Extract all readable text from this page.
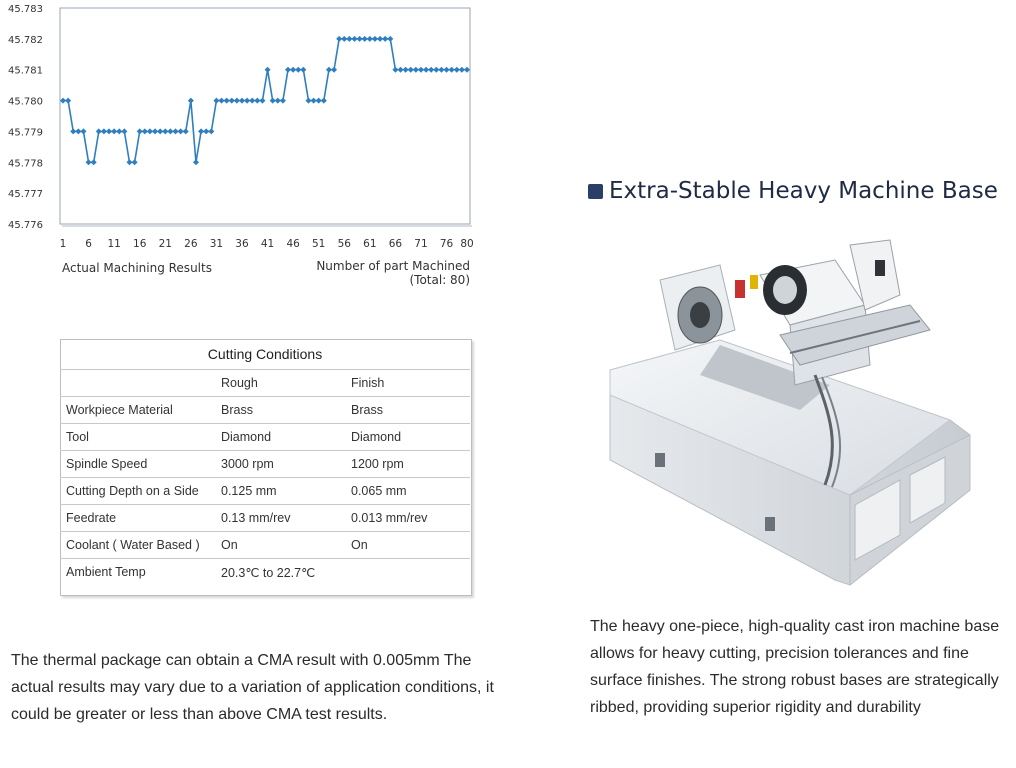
45.783
45.782
45.781
45.780
45.779
45.778
45.777
45.776
1 6 11 16 21 26 31 36 41 46 51 56 61 66 71 76 80
Actual Machining Results	Number of part Machined
(Total: 80)
Cutting Conditions		
	Rough	Finish
Workpiece Material	Brass	Brass
Tool	Diamond	Diamond
Spindle Speed	3000 rpm	1200 rpm
Cutting Depth on a Side	0.125 mm	0.065 mm
Feedrate	0.13 mm/rev	0.013 mm/rev
Coolant ( Water Based )	On	On
Ambient Temp	20.3℃ to 22.7℃	
The thermal package can obtain a CMA result with 0.005mm The actual results may vary due to a variation of application conditions, it could be greater or less than above CMA test results.
Extra-Stable Heavy Machine Base
The heavy one-piece, high-quality cast iron machine base allows for heavy cutting, precision tolerances and fine surface finishes. The strong robust bases are strategically ribbed, providing superior rigidity and durability
